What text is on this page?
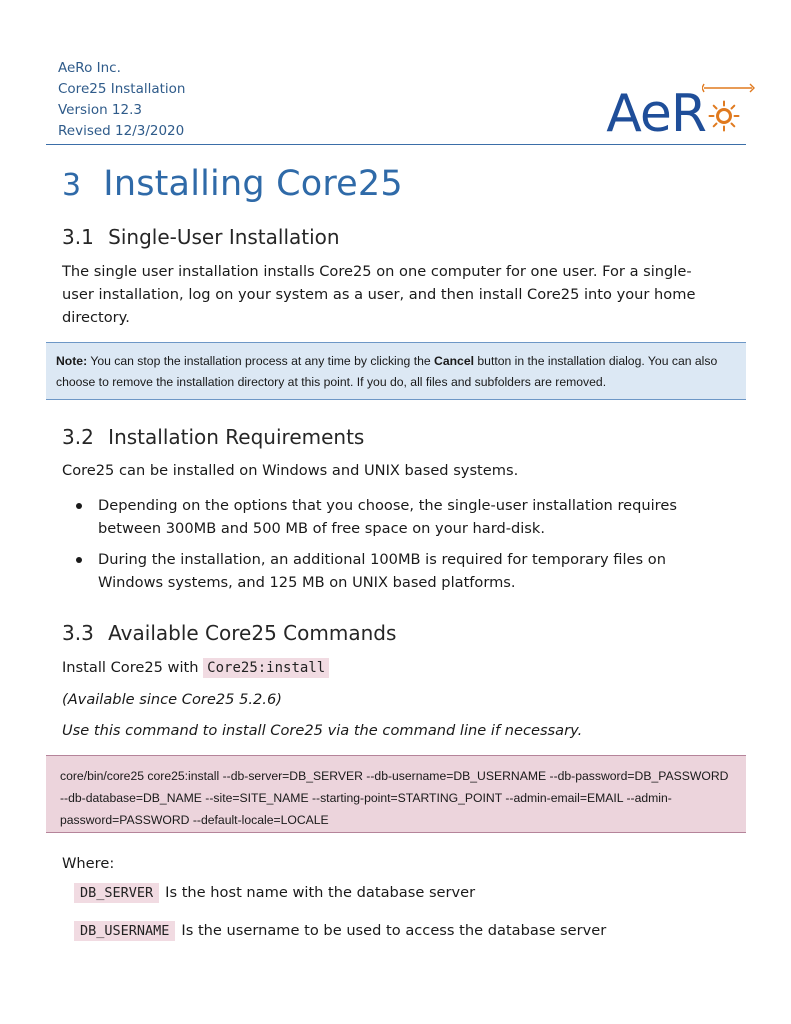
AeRo Inc.
Core25 Installation
Version 12.3
Revised 12/3/2020	AeR
3 Installing Core25
3.1 Single-User Installation
The single user installation installs Core25 on one computer for one user. For a single-user installation, log on your system as a user, and then install Core25 into your home directory.
Note: You can stop the installation process at any time by clicking the Cancel button in the installation dialog. You can also choose to remove the installation directory at this point. If you do, all files and subfolders are removed.
3.2 Installation Requirements
Core25 can be installed on Windows and UNIX based systems.
Depending on the options that you choose, the single-user installation requires between 300MB and 500 MB of free space on your hard-disk.
During the installation, an additional 100MB is required for temporary files on Windows systems, and 125 MB on UNIX based platforms.
3.3 Available Core25 Commands
Install Core25 with Core25:install
(Available since Core25 5.2.6)
Use this command to install Core25 via the command line if necessary.
core/bin/core25 core25:install --db-server=DB_SERVER --db-username=DB_USERNAME --db-password=DB_PASSWORD --db-database=DB_NAME --site=SITE_NAME --starting-point=STARTING_POINT --admin-email=EMAIL --admin-password=PASSWORD --default-locale=LOCALE
Where:
DB_SERVER Is the host name with the database server
DB_USERNAME Is the username to be used to access the database server
